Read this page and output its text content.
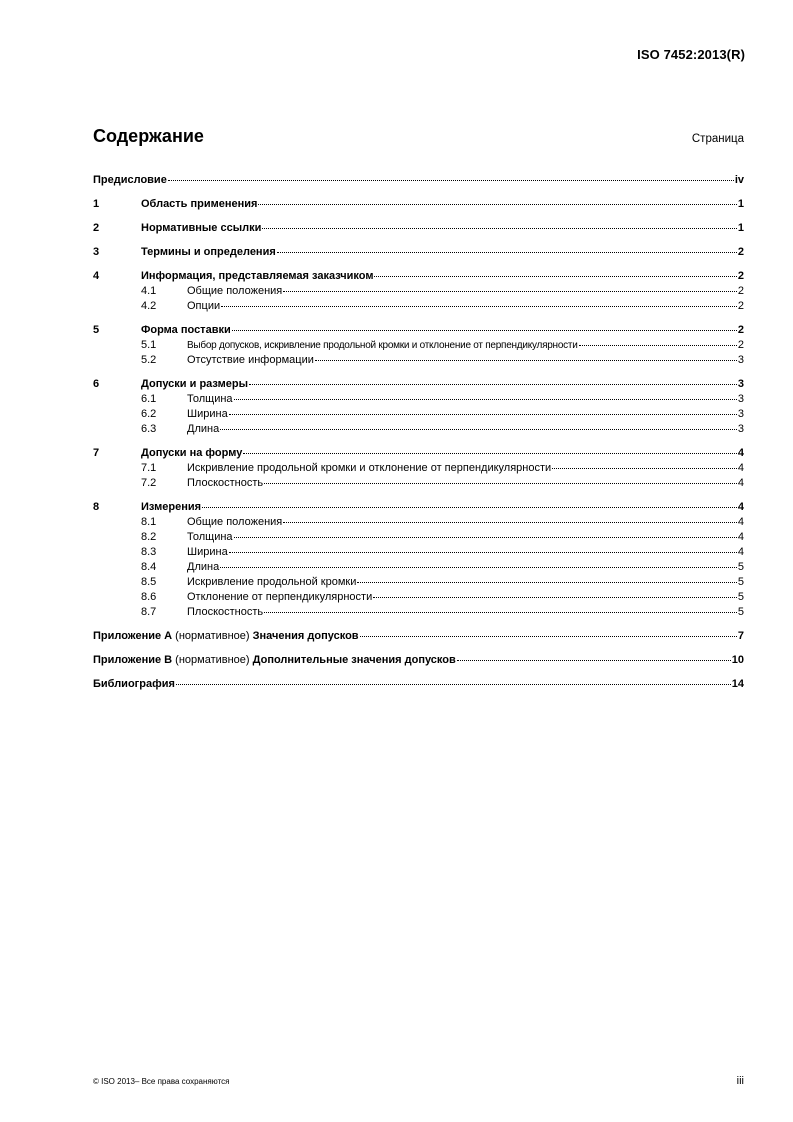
ISO 7452:2013(R)
Содержание	Страница
Предисловие	iv
1	Область применения	1
2	Нормативные ссылки	1
3	Термины и определения	2
4	Информация, представляемая заказчиком	2
4.1	Общие положения	2
4.2	Опции	2
5	Форма поставки	2
5.1	Выбор допусков, искривление продольной кромки и отклонение от перпендикулярности	2
5.2	Отсутствие информации	3
6	Допуски и размеры	3
6.1	Толщина	3
6.2	Ширина	3
6.3	Длина	3
7	Допуски на форму	4
7.1	Искривление продольной кромки и отклонение от перпендикулярности	4
7.2	Плоскостность	4
8	Измерения	4
8.1	Общие положения	4
8.2	Толщина	4
8.3	Ширина	4
8.4	Длина	5
8.5	Искривление продольной кромки	5
8.6	Отклонение от перпендикулярности	5
8.7	Плоскостность	5
Приложение A (нормативное) Значения допусков	7
Приложение B (нормативное) Дополнительные значения допусков	10
Библиография	14
© ISO 2013– Все права сохраняются	iii
